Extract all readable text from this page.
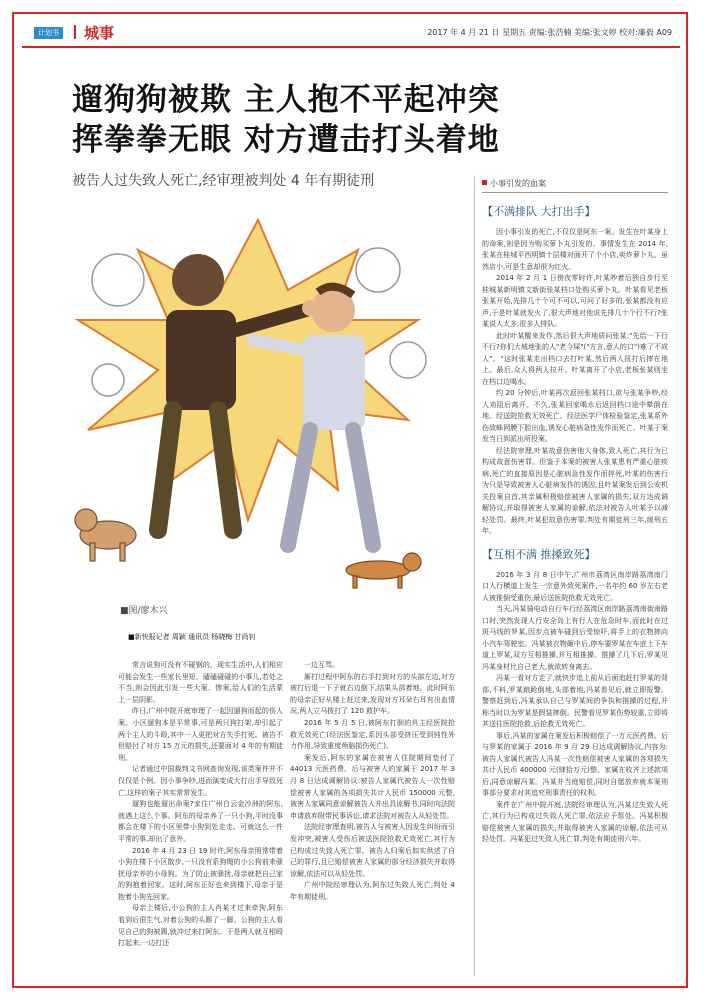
计划书 城事	2017 年 4 月 21 日 星期五 责编:张浩楠 美编:张文婷 校对:廉毅 A09
遛狗狗被欺 主人抱不平起冲突
挥拳拳无眼 对方遭击打头着地
被告人过失致人死亡,经审理被判处 4 年有期徒刑
■图/廖木兴
小事引发的血案
【不满排队 大打出手】

因小事引发的死亡,不仅仅是阿东一案。发生在叶某身上的命案,则是因为购买萝卜丸引发的。事情发生在 2014 年,张某在桂城平西明镇十层楼对面开了个小店,卖炸萝卜丸。虽然店小,可是生意却很为红火。

2014 年 2 月 1 日傍夜零时许,叶某吵着后独自步行至桂城某新明镇文新街张某档口处购买萝卜丸。叶某看见老板张某开始,先排几十个可不可以,可问了好多的,张某都没有应声,于是叶某就发火了,很大声地对他说先排几十个行不行?张某说人太多,很多人排队。

此时叶某醒来发作,然后很大声地质问张某:"先给一下行不行?你们大城地张的人"老今屎"("方言,意人的口")难了不成人"。"这时张某走出档口去打叶某,然后两人扭打后摔在地上。最后,众人将两人拉开。叶某离开了小店,老板张某则坐在档口边喝水。

约 20 分钟后,叶某再次返回张某档口,欲与张某争吵,经人劝阻后离开。不久,张某回家喝水后返回档口途中晕倒在地。经送院抢救无效死亡。经法医学尸体检验鉴定,张某系外伤致蛛网膜下腔出血,诱发心脏病急性发作而死亡。叶某于案发当日到派出所投案。

经法院审理,叶某故意伤害他人身体,致人死亡,其行为已构成故意伤害罪。但鉴于本案的被害人张某患有严重心脏疾病,死亡的直接原因是心脏病急性发作而猝死,叶某的伤害行为只是导致被害人心脏病发作的诱因,且叶某案发后到公安机关投案自首,其亲属积极赔偿被害人家属的损失,双方达成调解协议,并取得被害人家属的谅解,依法对被告人叶某予以减轻处罚。最终,叶某犯故意伤害罪,判处有期徒刑三年,缓刑五年。

【互相不满 推搡致死】

2016 年 3 月 8 日中午,广州市荔湾区南岸路荔湾南门口人行横道上发生一宗意外致死案件,一名年约 60 岁左右老人被推倒受重伤,最后送医院抢救无效死亡。

当天,冯某骑电动自行车行经荔湾区南岸路荔湾南街南路口时,突然发现人行安全岛上有行人在危急时车,而此时在过斑马线的罗某,因步点被车碰到后受惊吓,将手上的衣物摔向小汽车驾驶室。冯某被衣物砸中后,停车要罗某在车底上下车道上罗某,双方互相推搡,并互相推搡。推搡了几下后,罗某见冯某身材比自己老大,就欲转身离去。

冯某一看对方走了,就快步追上前从后面追赶打罗某的背部,不料,罗某踉跄倒地,头部着地,冯某看见后,就立即报警。警察赶到后,冯某承认自己与罗某间的争执和推搡的过程,并称当时以为罗某是假装摔倒。民警看见罗某伤势较重,立即将其送往医院抢救,后抢救无效死亡。

事后,冯某的家属在案发后积极赔偿了一万元医药费。后与罗某的家属于 2016 年 9 月 29 日达成调解协议,内容为:被告人家属代被告人冯某一次性赔偿被害人家属的各项损失共计人民币 400000 元(肆拾万元)整。家属在收齐上述款项后,同意谅解冯某。冯某并当庭赔偿,同时自愿放弃就本案刑事部分要求对其追究刑事责任的权利。

案件在广州中院开庭,法院经审理认为,冯某过失致人死亡,其行为已构成过失致人死亡罪,依法应予惩处。冯某积极赔偿被害人家属的损失,并取得被害人家属的谅解,依法可从轻处罚。冯某犯过失致人死亡罪,判处有期徒刑六年。

■新快报记者 周颖 通讯员 杨晓梅 甘尚钊

常言说狗可没有不碰钢的。现实生活中,人们相应可能会发生一些家长里短、磕磕碰碰的小事儿,若处之不当,则会因此引发一些大案、惨案,给人们的生活蒙上一层阴影。

昨日,广州中院开庭审理了一起因遛狗而起的伤人案。小区遛狗本是平常事,可是两只狗打架,却引起了两个主人的斗殴,其中一人更把对方失手打死。被告不但赔付了对方 15 万元的损失,还要面对 4 年的有期徒刑。

记者通过中国裁判文书网查询发现,该类案件并不仅仅是个例。因小事争吵,进而演变成大打出手导致死亡,这样的案子其实常常发生。

遛狗也能遛出命案?家住广州白云金沙洲的阿东,就遇上这么个事。阿东的母亲养了一只小狗,平时没事都会在楼下的小区里带小狗到处走走。可就这么一件平常的事,却出了意外。

2016 年 4 月 23 日 19 时许,阿东母亲照常带着小狗在楼下小区散步,一只没有系狗绳的小公狗前来骚扰母亲养的小母狗。为了防止被骚扰,母亲就把自己家的狗抱着回家。这时,阿东正好也来到楼下,母亲于是抱着小狗先回家。

母亲上楼后,小公狗的主人肖某才过来牵狗,阿东看到后很生气,对着公狗的头踢了一脚。公狗的主人看见自己的狗被踢,就冲过来打阿东。于是两人就互相殴打起来,一边打还

一边互骂。

厮打过程中阿东的右手打到对方的头部左边,对方被打后退一下子就右边倒下,结果头部着地。此时阿东的母亲正好从楼上赶过来,发现对方耳朵右耳有出血情况,两人立马拨打了 120 救护车。

2016 年 5 月 5 日,被阿东打倒的肖主经医院抢救无效死亡(经法医鉴定,系因头部受挤压受到钝性外力作用,导致重度颅脑损伤死亡)。

案发后,阿东的家属在被害人住院期间垫付了 44013 元医药费。后与被害人的家属于 2017 年 3 月 8 日达成调解协议:被告人家属代被告人一次性赔偿被害人家属的各项损失共计人民币 150000 元整,被害人家属同意谅解被告人并出具谅解书,同时向法院申请放弃附带民事诉讼,请求法院对被告人从轻处罚。

法院经审理查明,被告人与被害人因发生纠纷而引发冲突,被害人受伤后被送医院抢救无效死亡,其行为已构成过失致人死亡罪。被告人归案后如实供述了自己的罪行,且已赔偿被害人家属的部分经济损失并取得谅解,依法可以从轻处罚。

广州中院经审理认为,阿东过失致人死亡,判处 4 年有期徒刑。
